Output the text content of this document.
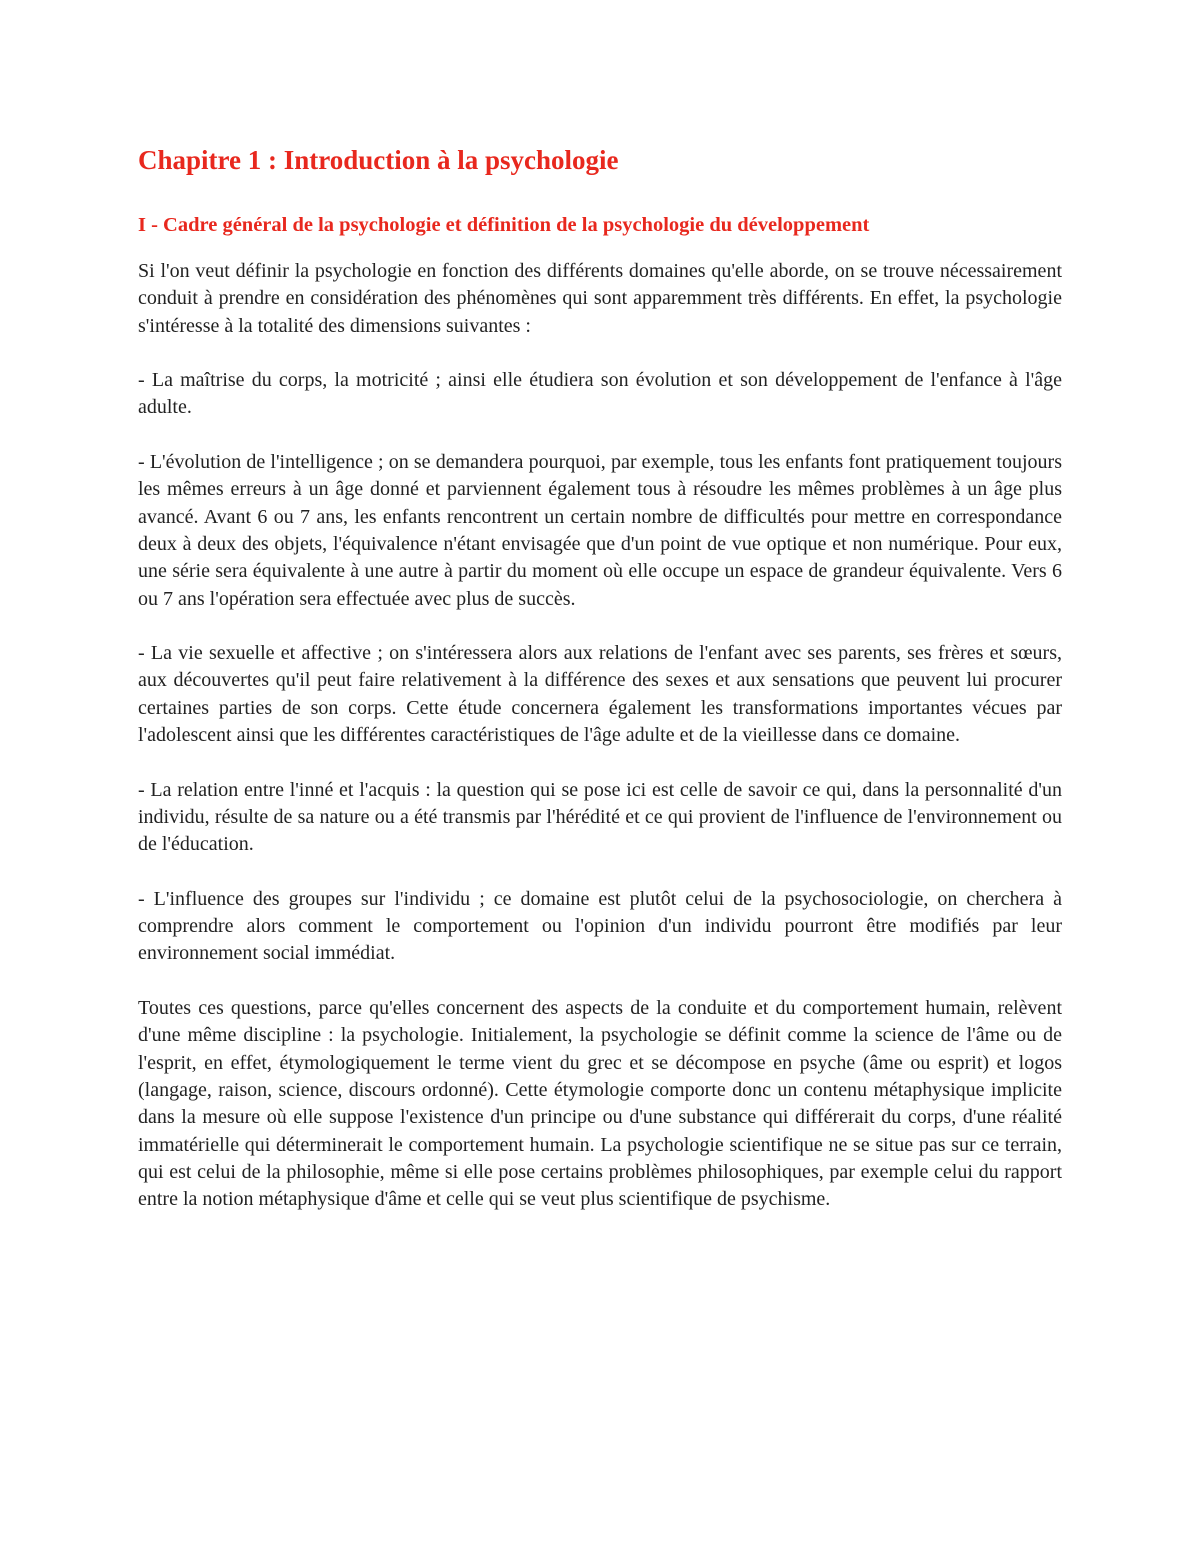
Chapitre 1 : Introduction à la psychologie
I - Cadre général de la psychologie et définition de la psychologie du développement

Si l'on veut définir la psychologie en fonction des différents domaines qu'elle aborde, on se trouve nécessairement conduit à prendre en considération des phénomènes qui sont apparemment très différents. En effet, la psychologie s'intéresse à la totalité des dimensions suivantes :

- La maîtrise du corps, la motricité ; ainsi elle étudiera son évolution et son développement de l'enfance à l'âge adulte.

- L'évolution de l'intelligence ; on se demandera pourquoi, par exemple, tous les enfants font pratiquement toujours les mêmes erreurs à un âge donné et parviennent également tous à résoudre les mêmes problèmes à un âge plus avancé. Avant 6 ou 7 ans, les enfants rencontrent un certain nombre de difficultés pour mettre en correspondance deux à deux des objets, l'équivalence n'étant envisagée que d'un point de vue optique et non numérique. Pour eux, une série sera équivalente à une autre à partir du moment où elle occupe un espace de grandeur équivalente. Vers 6 ou 7 ans l'opération sera effectuée avec plus de succès.

- La vie sexuelle et affective ; on s'intéressera alors aux relations de l'enfant avec ses parents, ses frères et sœurs, aux découvertes qu'il peut faire relativement à la différence des sexes et aux sensations que peuvent lui procurer certaines parties de son corps. Cette étude concernera également les transformations importantes vécues par l'adolescent ainsi que les différentes caractéristiques de l'âge adulte et de la vieillesse dans ce domaine.

- La relation entre l'inné et l'acquis : la question qui se pose ici est celle de savoir ce qui, dans la personnalité d'un individu, résulte de sa nature ou a été transmis par l'hérédité et ce qui provient de l'influence de l'environnement ou de l'éducation.

- L'influence des groupes sur l'individu ; ce domaine est plutôt celui de la psychosociologie, on cherchera à comprendre alors comment le comportement ou l'opinion d'un individu pourront être modifiés par leur environnement social immédiat.

Toutes ces questions, parce qu'elles concernent des aspects de la conduite et du comportement humain, relèvent d'une même discipline : la psychologie. Initialement, la psychologie se définit comme la science de l'âme ou de l'esprit, en effet, étymologiquement le terme vient du grec et se décompose en psyche (âme ou esprit) et logos (langage, raison, science, discours ordonné). Cette étymologie comporte donc un contenu métaphysique implicite dans la mesure où elle suppose l'existence d'un principe ou d'une substance qui différerait du corps, d'une réalité immatérielle qui déterminerait le comportement humain. La psychologie scientifique ne se situe pas sur ce terrain, qui est celui de la philosophie, même si elle pose certains problèmes philosophiques, par exemple celui du rapport entre la notion métaphysique d'âme et celle qui se veut plus scientifique de psychisme.
